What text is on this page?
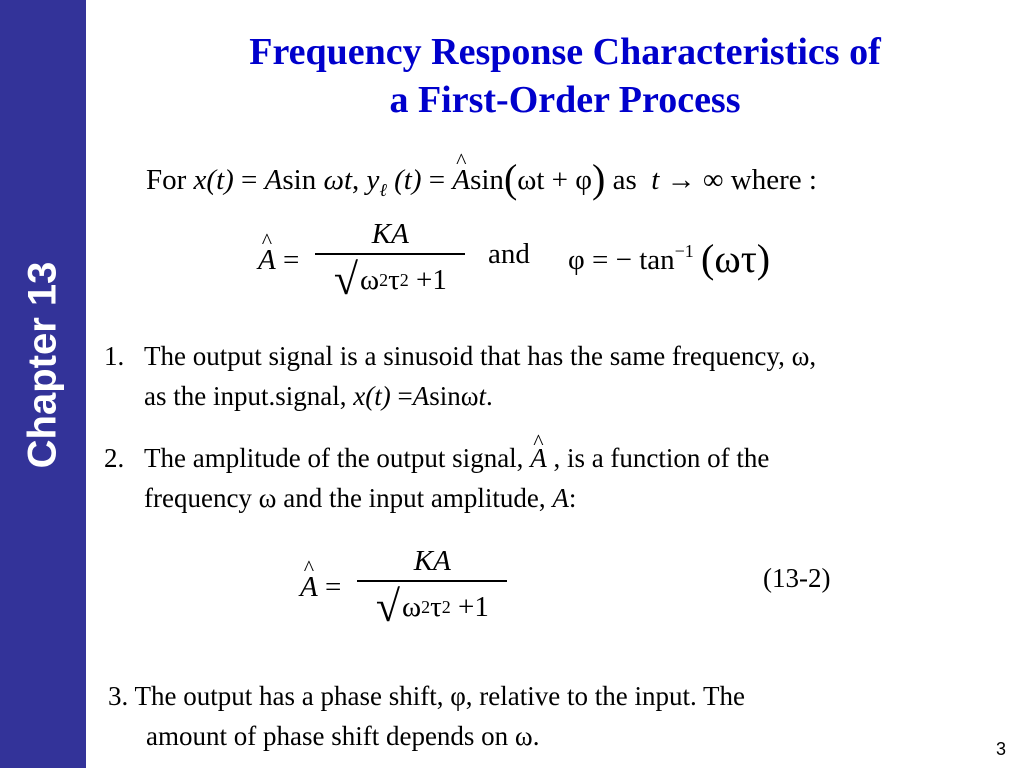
Chapter 13
Frequency Response Characteristics of
a First-Order Process
For x(t) = Asin ωt, $y_\ell$ (t) = ^ Asin(ωt + φ) as t → ∞ where :
^ A = KA
√ ω 2 τ 2
+1 and φ = − $\tan^{-1} (\omega\tau)$
1. The output signal is a sinusoid that has the same frequency, ω,
as the input.signal, x(t) =Asinωt.
2. The amplitude of the output signal, ^ A , is a function of the
frequency ω and the input amplitude, A:
^ A = KA
√ ω 2 τ 2
+1	(13-2)
3. The output has a phase shift, φ, relative to the input. The
amount of phase shift depends on ω.	3
